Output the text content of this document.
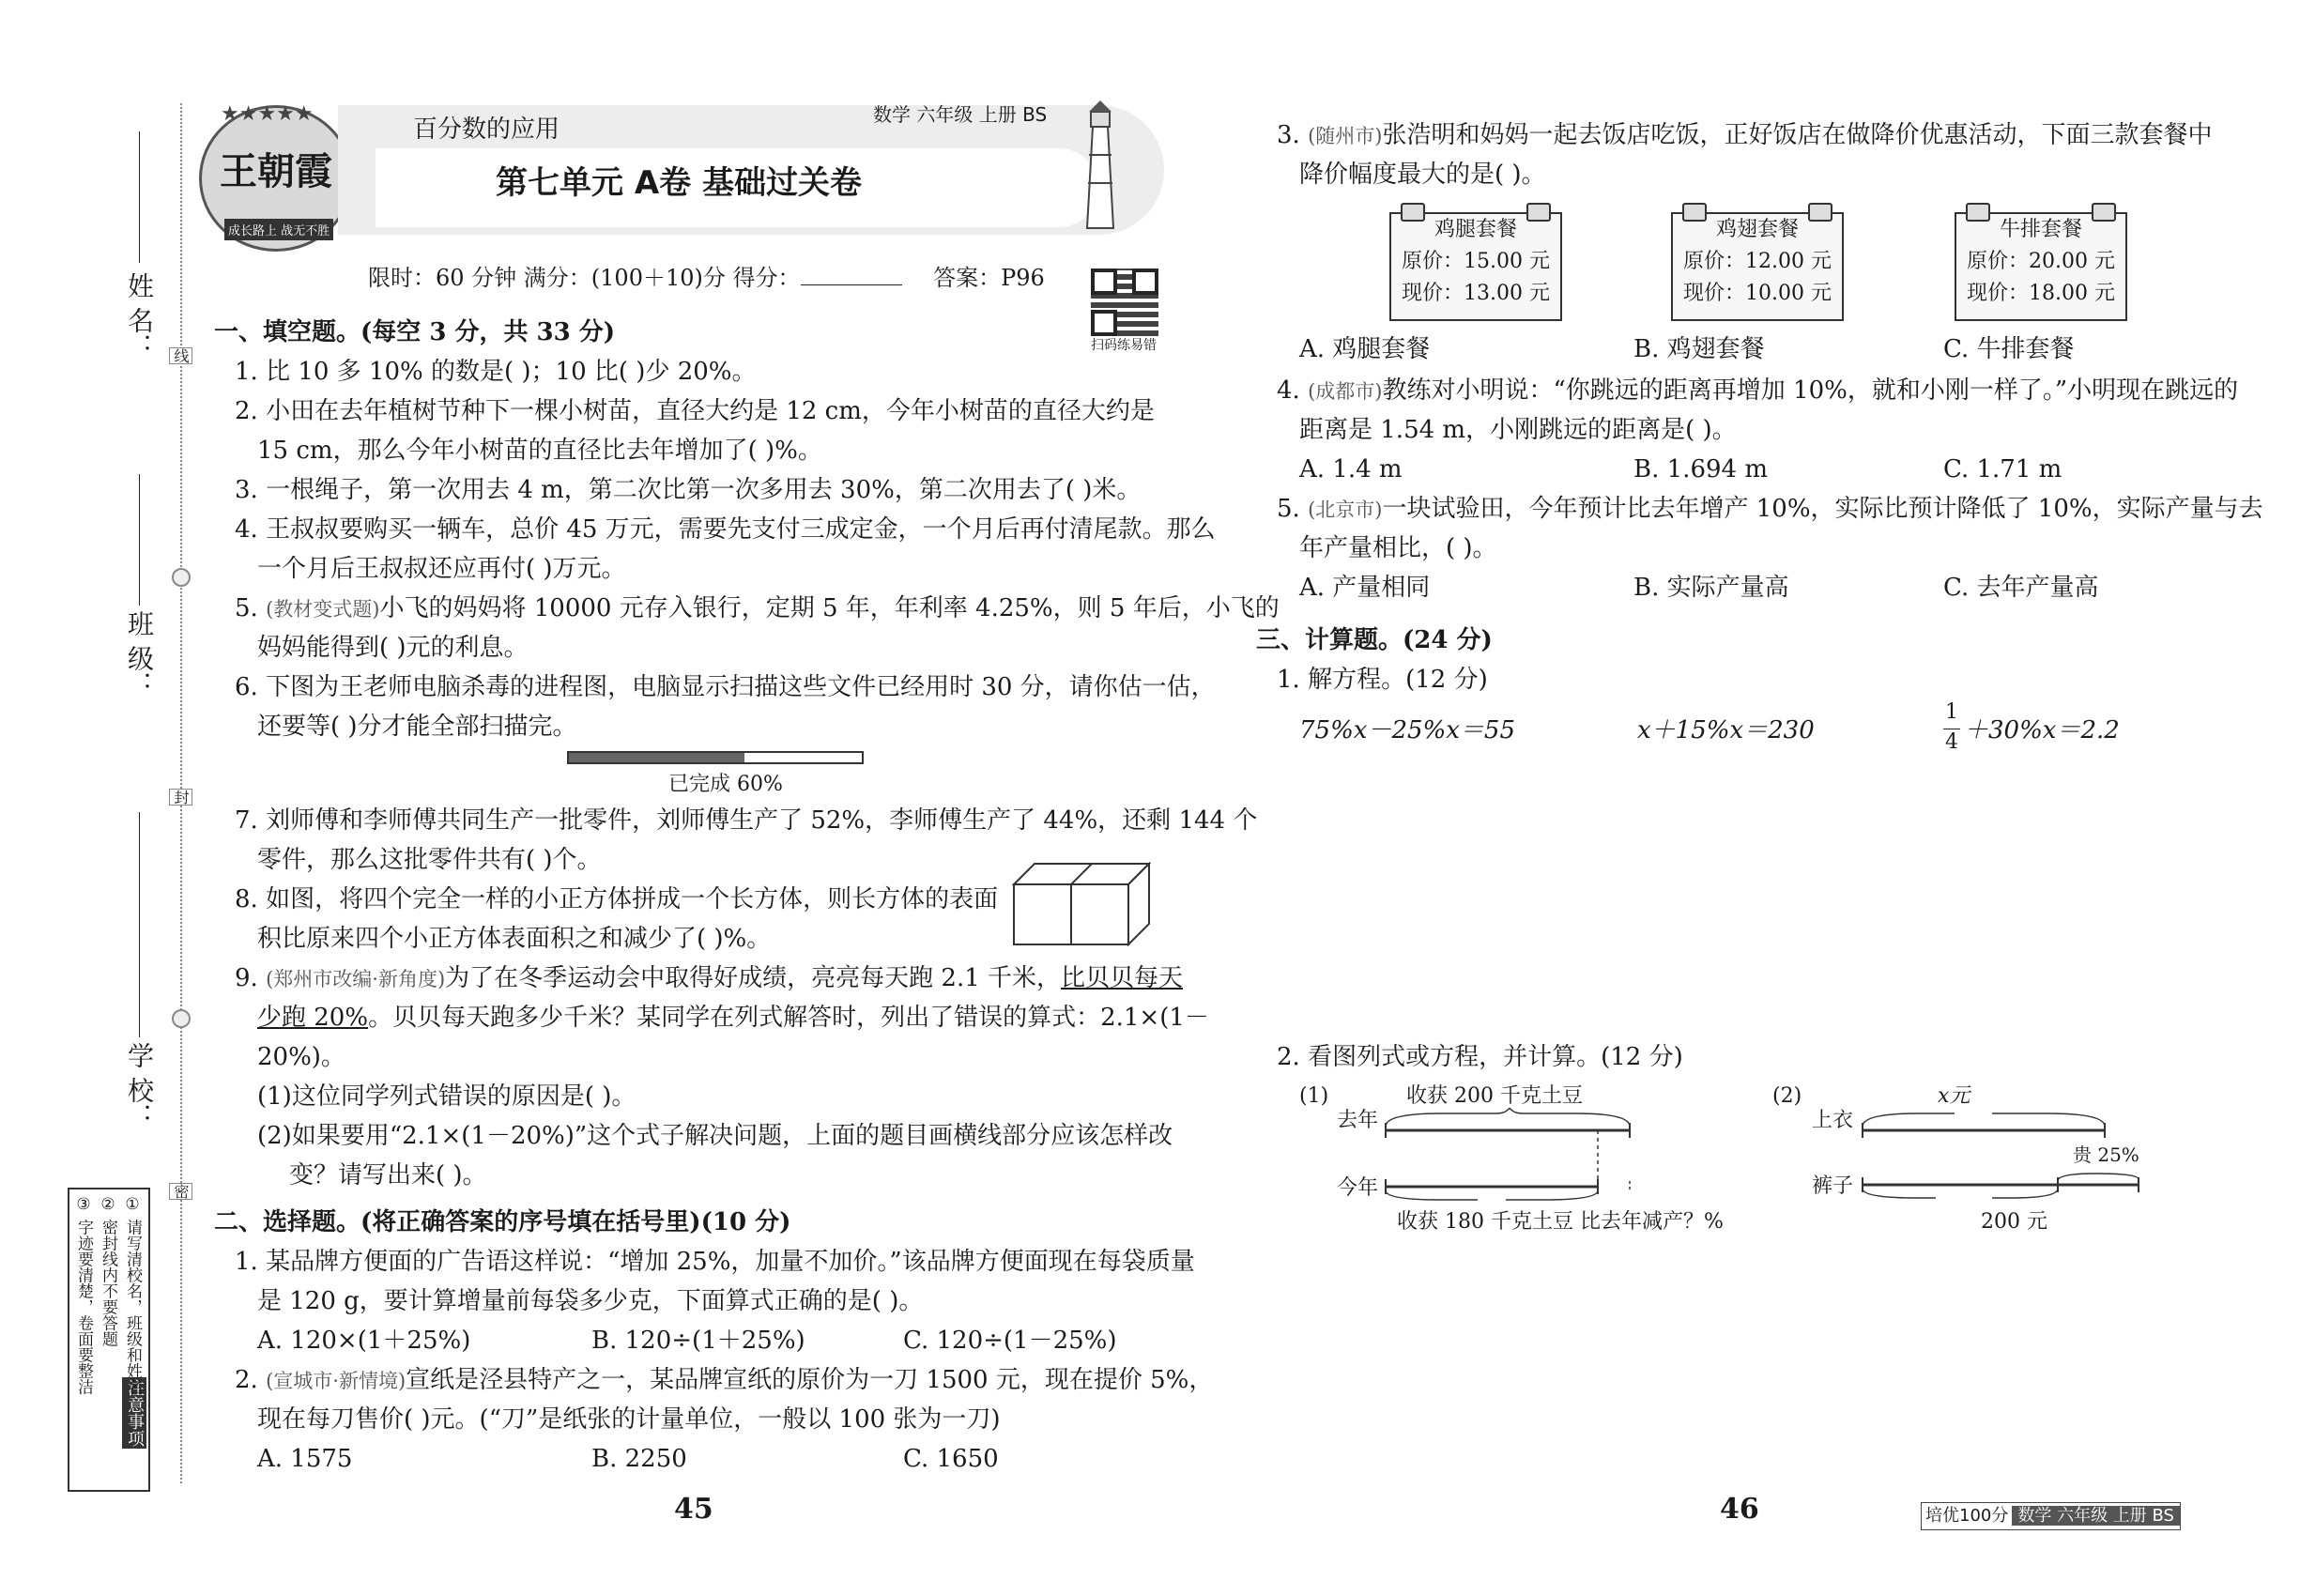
姓 名：
班 级：
学 校：
线
封
密
注意事项
① 请写清校名，班级和姓名
② 密封线内不要答题
③ 字迹要清楚，卷面要整洁
★★★★★
王朝霞
成长路上 战无不胜
百分数的应用
数学 六年级 上册 BS
第七单元 A卷 基础过关卷
限时：60 分钟 满分：(100＋10)分 得分：	答案：P96
扫码练易错
一、填空题。(每空 3 分，共 33 分)
1. 比 10 多 10% 的数是( )；10 比( )少 20%。
2. 小田在去年植树节种下一棵小树苗，直径大约是 12 cm，今年小树苗的直径大约是
15 cm，那么今年小树苗的直径比去年增加了( )%。
3. 一根绳子，第一次用去 4 m，第二次比第一次多用去 30%，第二次用去了( )米。
4. 王叔叔要购买一辆车，总价 45 万元，需要先支付三成定金，一个月后再付清尾款。那么
一个月后王叔叔还应再付( )万元。
5. (教材变式题)小飞的妈妈将 10000 元存入银行，定期 5 年，年利率 4.25%，则 5 年后，小飞的
妈妈能得到( )元的利息。
6. 下图为王老师电脑杀毒的进程图，电脑显示扫描这些文件已经用时 30 分，请你估一估，
还要等( )分才能全部扫描完。
已完成 60%
7. 刘师傅和李师傅共同生产一批零件，刘师傅生产了 52%，李师傅生产了 44%，还剩 144 个
零件，那么这批零件共有( )个。
8. 如图，将四个完全一样的小正方体拼成一个长方体，则长方体的表面
积比原来四个小正方体表面积之和减少了( )%。
9. (郑州市改编·新角度)为了在冬季运动会中取得好成绩，亮亮每天跑 2.1 千米，比贝贝每天
少跑 20%。贝贝每天跑多少千米？某同学在列式解答时，列出了错误的算式：2.1×(1－
20%)。
(1)这位同学列式错误的原因是( )。
(2)如果要用“2.1×(1－20%)”这个式子解决问题，上面的题目画横线部分应该怎样改
变？请写出来( )。
二、选择题。(将正确答案的序号填在括号里)(10 分)
1. 某品牌方便面的广告语这样说：“增加 25%，加量不加价。”该品牌方便面现在每袋质量
是 120 g，要计算增量前每袋多少克，下面算式正确的是( )。
A. 120×(1＋25%)	B. 120÷(1＋25%)	C. 120÷(1－25%)
2. (宣城市·新情境)宣纸是泾县特产之一，某品牌宣纸的原价为一刀 1500 元，现在提价 5%，
现在每刀售价( )元。(“刀”是纸张的计量单位，一般以 100 张为一刀)
A. 1575	B. 2250	C. 1650
45
3. (随州市)张浩明和妈妈一起去饭店吃饭，正好饭店在做降价优惠活动，下面三款套餐中
降价幅度最大的是( )。
鸡腿套餐
原价：15.00 元
现价：13.00 元
鸡翅套餐
原价：12.00 元
现价：10.00 元
牛排套餐
原价：20.00 元
现价：18.00 元
A. 鸡腿套餐	B. 鸡翅套餐	C. 牛排套餐
4. (成都市)教练对小明说：“你跳远的距离再增加 10%，就和小刚一样了。”小明现在跳远的
距离是 1.54 m，小刚跳远的距离是( )。
A. 1.4 m	B. 1.694 m	C. 1.71 m
5. (北京市)一块试验田，今年预计比去年增产 10%，实际比预计降低了 10%，实际产量与去
年产量相比，( )。
A. 产量相同	B. 实际产量高	C. 去年产量高
三、计算题。(24 分)
1. 解方程。(12 分)
75%x－25%x＝55	x＋15%x＝230
1
4 ＋30%x＝2.2
2. 看图列式或方程，并计算。(12 分)
(1)	收获 200 千克土豆
去年
今年
收获 180 千克土豆 比去年减产？%
(2)	x元
上衣
裤子
贵 25%
200 元
46	培优100分 数学 六年级 上册 BS
